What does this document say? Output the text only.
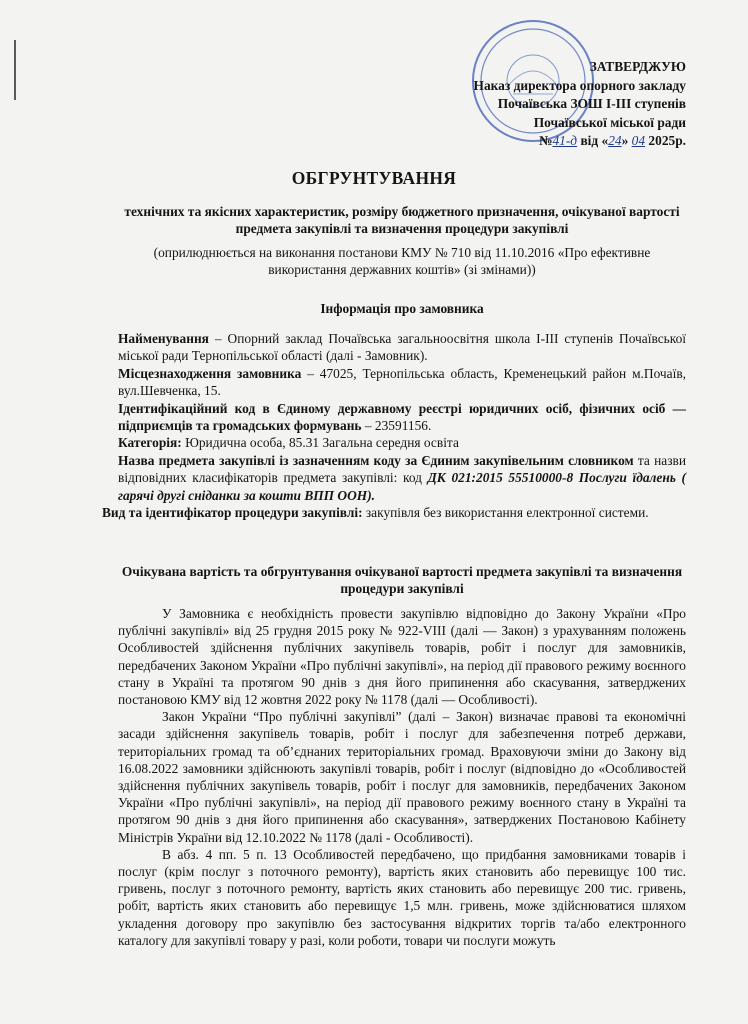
ЗАТВЕРДЖУЮ
Наказ директора опорного закладу
Почаївська ЗОШ І-ІІІ ступенів
Почаївської міської ради
№41-д від «24» 04 2025р.
ОБГРУНТУВАННЯ
технічних та якісних характеристик, розміру бюджетного призначення, очікуваної вартості предмета закупівлі та визначення процедури закупівлі
(оприлюднюється на виконання постанови КМУ № 710 від 11.10.2016 «Про ефективне використання державних коштів» (зі змінами))
Інформація про замовника

Найменування – Опорний заклад Почаївська загальноосвітня школа І-ІІІ ступенів Почаївської міської ради Тернопільської області (далі - Замовник).

Місцезнаходження замовника – 47025, Тернопільська область, Кременецький район м.Почаїв, вул.Шевченка, 15.

Ідентифікаційний код в Єдиному державному реєстрі юридичних осіб, фізичних осіб — підприємців та громадських формувань – 23591156.

Категорія: Юридична особа, 85.31 Загальна середня освіта

Назва предмета закупівлі із зазначенням коду за Єдиним закупівельним словником та назви відповідних класифікаторів предмета закупівлі: код ДК 021:2015 55510000-8 Послуги їдалень ( гарячі другі сніданки за кошти ВПП ООН).

Вид та ідентифікатор процедури закупівлі: закупівля без використання електронної системи.

Очікувана вартість та обгрунтування очікуваної вартості предмета закупівлі та визначення процедури закупівлі

У Замовника є необхідність провести закупівлю відповідно до Закону України «Про публічні закупівлі» від 25 грудня 2015 року № 922-VIII (далі — Закон) з урахуванням положень Особливостей здійснення публічних закупівель товарів, робіт і послуг для замовників, передбачених Законом України «Про публічні закупівлі», на період дії правового режиму воєнного стану в Україні та протягом 90 днів з дня його припинення або скасування, затверджених постановою КМУ від 12 жовтня 2022 року № 1178 (далі — Особливості).

Закон України “Про публічні закупівлі” (далі – Закон) визначає правові та економічні засади здійснення закупівель товарів, робіт і послуг для забезпечення потреб держави, територіальних громад та об’єднаних територіальних громад. Враховуючи зміни до Закону від 16.08.2022 замовники здійснюють закупівлі товарів, робіт і послуг (відповідно до «Особливостей здійснення публічних закупівель товарів, робіт і послуг для замовників, передбачених Законом України «Про публічні закупівлі», на період дії правового режиму воєнного стану в Україні та протягом 90 днів з дня його припинення або скасування», затверджених Постановою Кабінету Міністрів України від 12.10.2022 № 1178 (далі - Особливості).

В абз. 4 пп. 5 п. 13 Особливостей передбачено, що придбання замовниками товарів і послуг (крім послуг з поточного ремонту), вартість яких становить або перевищує 100 тис. гривень, послуг з поточного ремонту, вартість яких становить або перевищує 200 тис. гривень, робіт, вартість яких становить або перевищує 1,5 млн. гривень, може здійснюватися шляхом укладення договору про закупівлю без застосування відкритих торгів та/або електронного каталогу для закупівлі товару у разі, коли роботи, товари чи послуги можуть
